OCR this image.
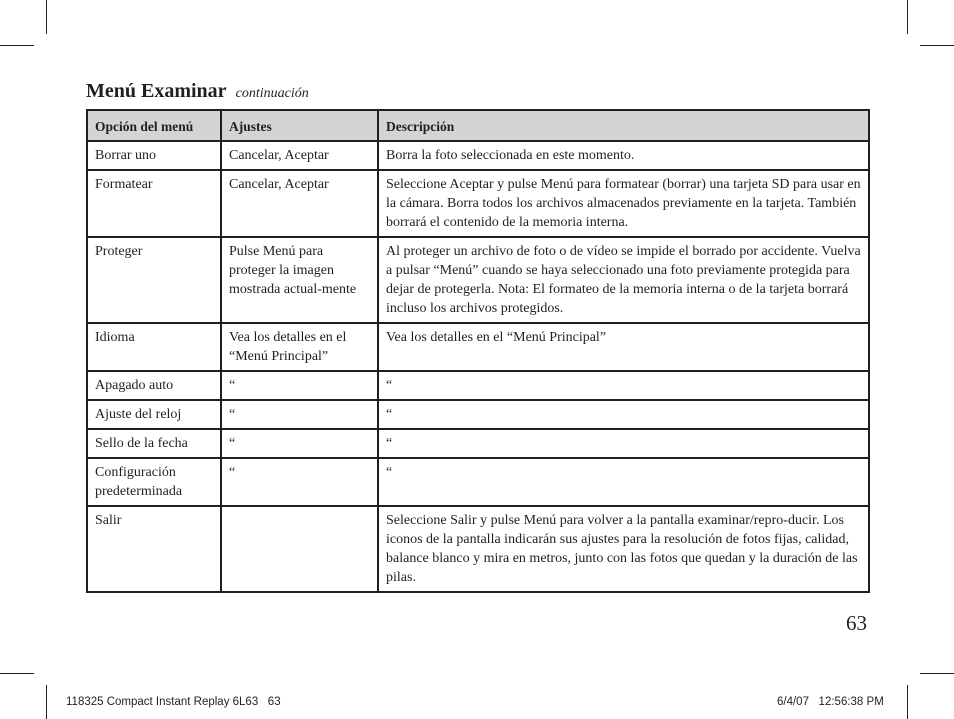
Menú Examinar continuación
Opción del menú	Ajustes	Descripción
Borrar uno	Cancelar, Aceptar	Borra la foto seleccionada en este momento.
Formatear	Cancelar, Aceptar	Seleccione Aceptar y pulse Menú para formatear (borrar) una tarjeta SD para usar en la cámara. Borra todos los archivos almacenados previamente en la tarjeta. También borrará el contenido de la memoria interna.
Proteger	Pulse Menú para proteger la imagen mostrada actual-mente	Al proteger un archivo de foto o de vídeo se impide el borrado por accidente. Vuelva a pulsar “Menú” cuando se haya seleccionado una foto previamente protegida para dejar de protegerla. Nota: El formateo de la memoria interna o de la tarjeta borrará incluso los archivos protegidos.
Idioma	Vea los detalles en el “Menú Principal”	Vea los detalles en el “Menú Principal”
Apagado auto	“	“
Ajuste del reloj	“	“
Sello de la fecha	“	“
Configuración predeterminada	“	“
Salir		Seleccione Salir y pulse Menú para volver a la pantalla examinar/repro-ducir. Los iconos de la pantalla indicarán sus ajustes para la resolución de fotos fijas, calidad, balance blanco y mira en metros, junto con las fotos que quedan y la duración de las pilas.
63
118325 Compact Instant Replay 6L63   63	6/4/07   12:56:38 PM
